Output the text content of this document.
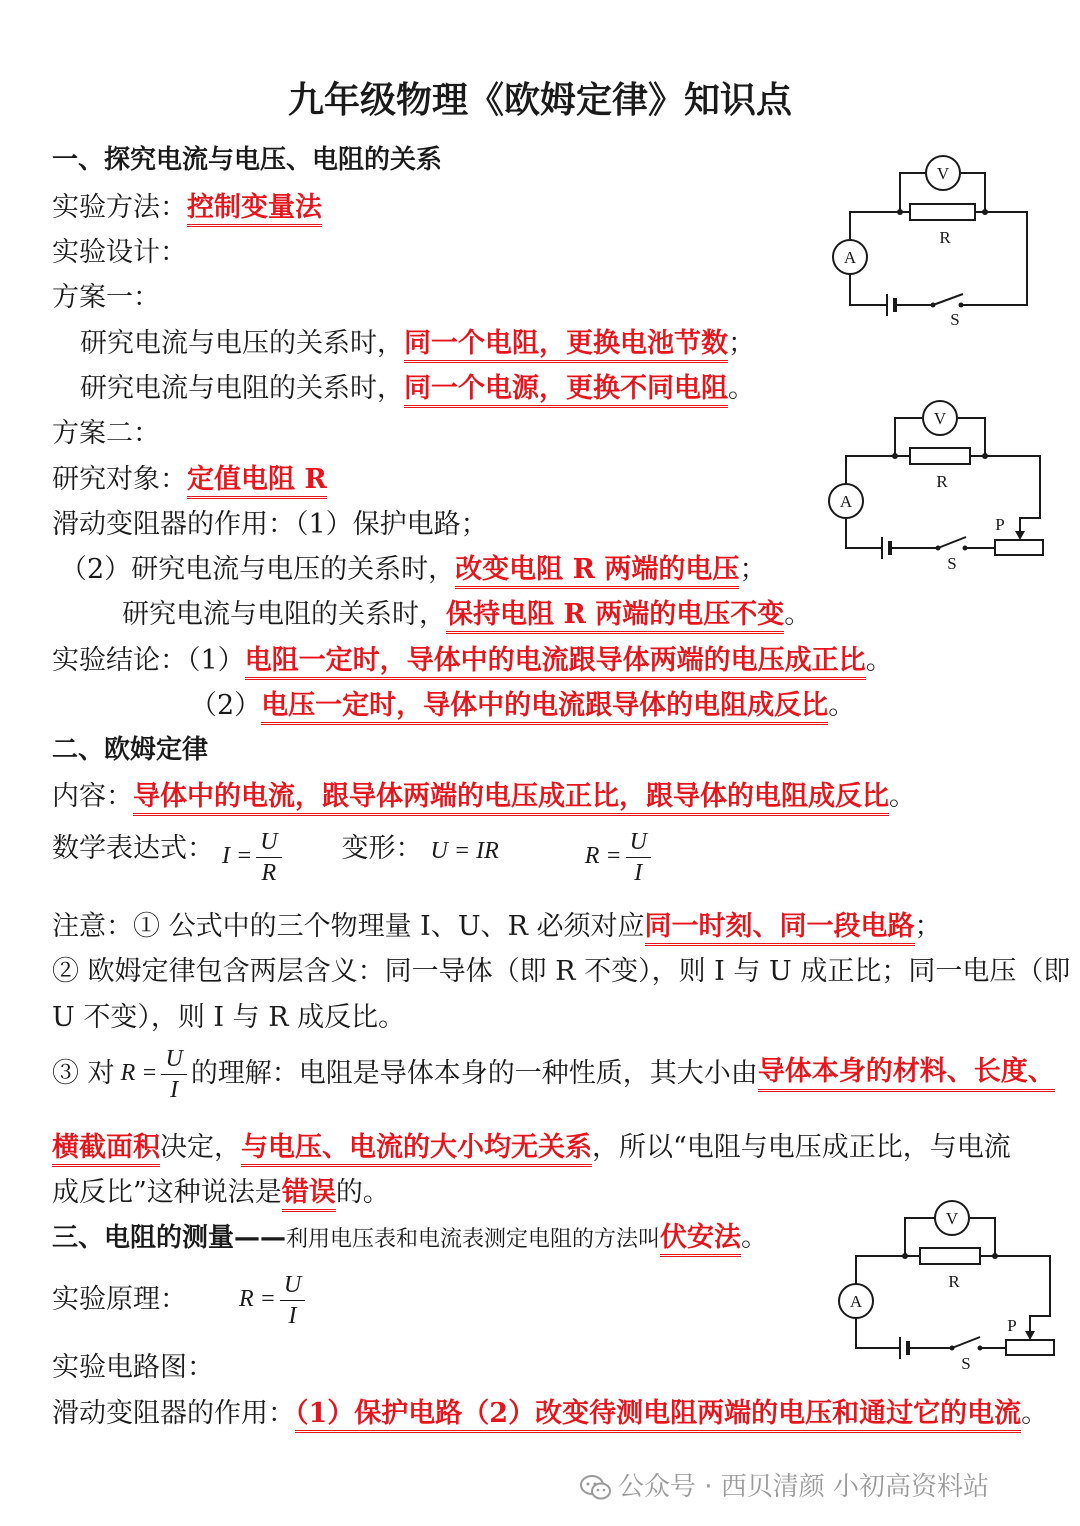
九年级物理《欧姆定律》知识点
一、探究电流与电压、电阻的关系
实验方法：控制变量法
实验设计：
方案一：
研究电流与电压的关系时，同一个电阻，更换电池节数；
研究电流与电阻的关系时，同一个电源，更换不同电阻。
方案二：
研究对象：定值电阻 R
滑动变阻器的作用：（1）保护电路；
（2）研究电流与电压的关系时，改变电阻 R 两端的电压；
研究电流与电阻的关系时，保持电阻 R 两端的电压不变。
实验结论：（1）电阻一定时，导体中的电流跟导体两端的电压成正比。
（2）电压一定时，导体中的电流跟导体的电阻成反比。
二、欧姆定律
内容：导体中的电流，跟导体两端的电压成正比，跟导体的电阻成反比。
数学表达式： $I = \frac{U}{R}$ 变形： U = IR	$R = \frac{U}{I}$
注意：① 公式中的三个物理量 I、U、R 必须对应同一时刻、同一段电路；
② 欧姆定律包含两层含义：同一导体（即 R 不变），则 I 与 U 成正比；同一电压（即
U 不变），则 I 与 R 成反比。
③ 对 $R = \frac{U}{I}$ 的理解：电阻是导体本身的一种性质，其大小由 导体本身的材料、长度、
横截面积决定，与电压、电流的大小均无关系，所以“电阻与电压成正比，与电流
成反比”这种说法是错误的。
三、电阻的测量——利用电压表和电流表测定电阻的方法叫伏安法。
实验原理： $R = \frac{U}{I}$
实验电路图：
滑动变阻器的作用：（1）保护电路（2）改变待测电阻两端的电压和通过它的电流。
V
A
R
S
V
A
R
S
P
V
A
R
S
P
公众号 · 西贝清颜 小初高资料站
